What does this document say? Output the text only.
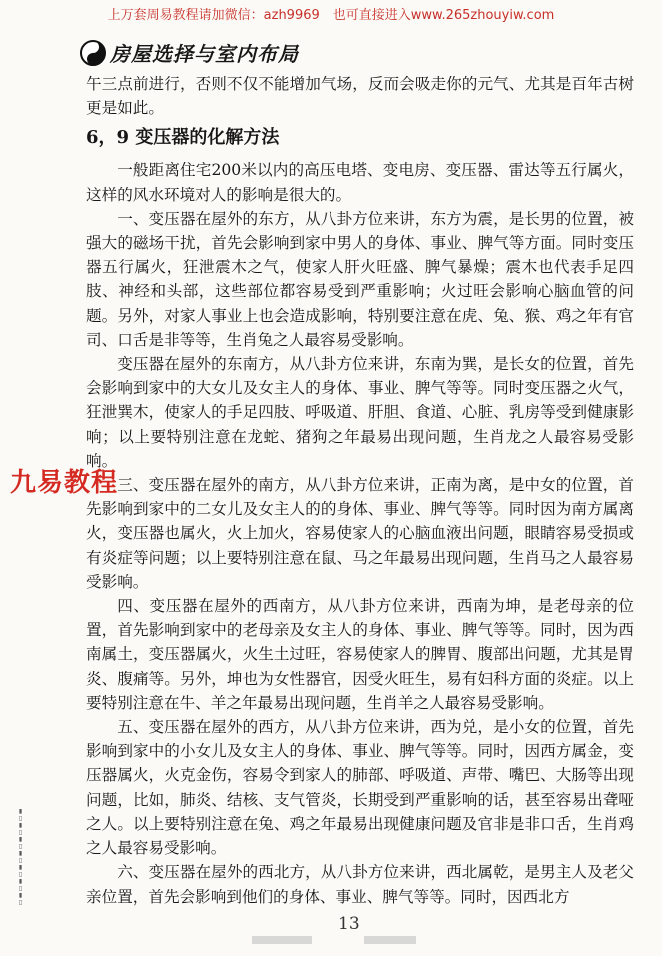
上万套周易教程请加微信：azh9969　也可直接进入www.265zhouyiw.com
房屋选择与室内布局
九易教程
▮▯▮▯▮▯▮▯▮▯▮▯▮▯

午三点前进行，否则不仅不能增加气场，反而会吸走你的元气、尤其是百年古树更是如此。

6，9 变压器的化解方法

一般距离住宅200米以内的高压电塔、变电房、变压器、雷达等五行属火，这样的风水环境对人的影响是很大的。

一、变压器在屋外的东方，从八卦方位来讲，东方为震，是长男的位置，被强大的磁场干扰，首先会影响到家中男人的身体、事业、脾气等方面。同时变压器五行属火，狂泄震木之气，使家人肝火旺盛、脾气暴燥；震木也代表手足四肢、神经和头部，这些部位都容易受到严重影响；火过旺会影响心脑血管的问题。另外，对家人事业上也会造成影响，特别要注意在虎、兔、猴、鸡之年有官司、口舌是非等等，生肖兔之人最容易受影响。

变压器在屋外的东南方，从八卦方位来讲，东南为巽，是长女的位置，首先会影响到家中的大女儿及女主人的身体、事业、脾气等等。同时变压器之火气，狂泄巽木，使家人的手足四肢、呼吸道、肝胆、食道、心脏、乳房等受到健康影响；以上要特别注意在龙蛇、猪狗之年最易出现问题，生肖龙之人最容易受影响。

三、变压器在屋外的南方，从八卦方位来讲，正南为离，是中女的位置，首先影响到家中的二女儿及女主人的的身体、事业、脾气等等。同时因为南方属离火，变压器也属火，火上加火，容易使家人的心脑血液出问题，眼睛容易受损或有炎症等问题；以上要特别注意在鼠、马之年最易出现问题，生肖马之人最容易受影响。

四、变压器在屋外的西南方，从八卦方位来讲，西南为坤，是老母亲的位置，首先影响到家中的老母亲及女主人的身体、事业、脾气等等。同时，因为西南属土，变压器属火，火生土过旺，容易使家人的脾胃、腹部出问题，尤其是胃炎、腹痛等。另外，坤也为女性器官，因受火旺生，易有妇科方面的炎症。以上要特别注意在牛、羊之年最易出现问题，生肖羊之人最容易受影响。

五、变压器在屋外的西方，从八卦方位来讲，西为兑，是小女的位置，首先影响到家中的小女儿及女主人的身体、事业、脾气等等。同时，因西方属金，变压器属火，火克金伤，容易令到家人的肺部、呼吸道、声带、嘴巴、大肠等出现问题，比如，肺炎、结核、支气管炎，长期受到严重影响的话，甚至容易出聋哑之人。以上要特别注意在兔、鸡之年最易出现健康问题及官非是非口舌，生肖鸡之人最容易受影响。

六、变压器在屋外的西北方，从八卦方位来讲，西北属乾，是男主人及老父亲位置，首先会影响到他们的身体、事业、脾气等等。同时，因西北方

13
